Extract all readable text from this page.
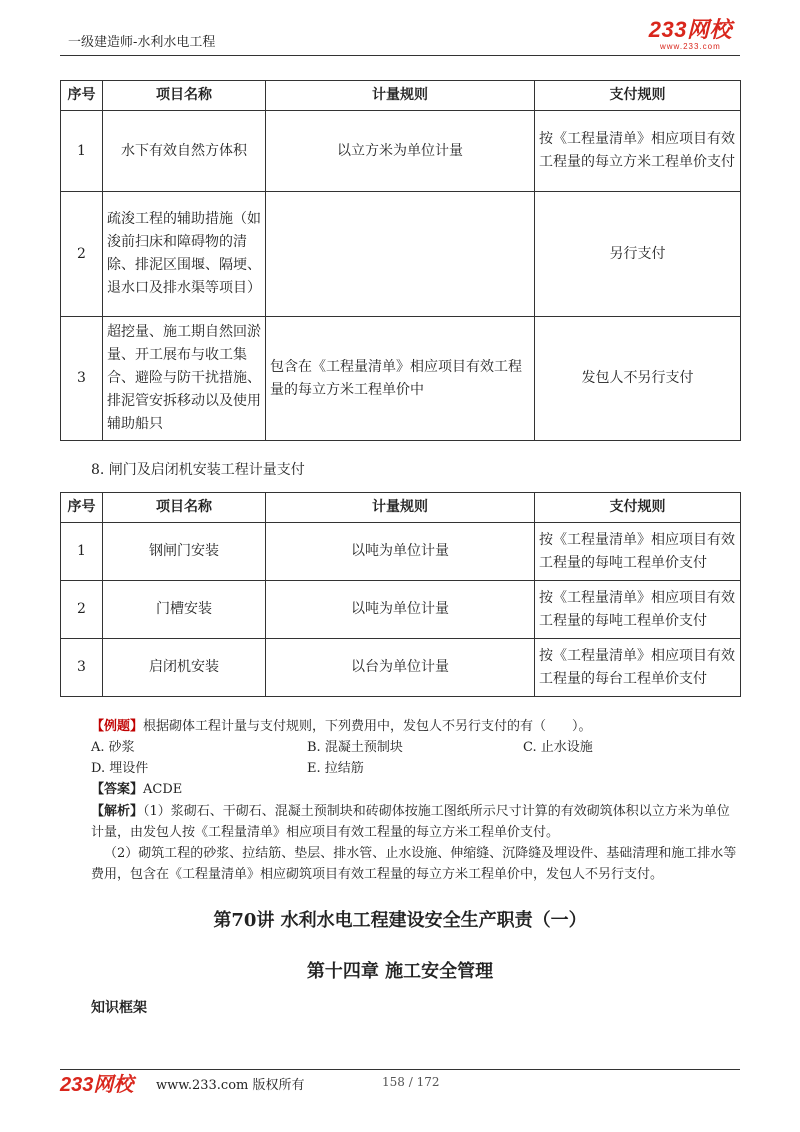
一级建造师-水利水电工程
233网校
www.233.com
序号	项目名称	计量规则	支付规则
1	水下有效自然方体积	以立方米为单位计量	按《工程量清单》相应项目有效工程量的每立方米工程单价支付
2	疏浚工程的辅助措施（如浚前扫床和障碍物的清除、排泥区围堰、隔埂、退水口及排水渠等项目）		另行支付
3	超挖量、施工期自然回淤量、开工展布与收工集合、避险与防干扰措施、排泥管安拆移动以及使用辅助船只	包含在《工程量清单》相应项目有效工程量的每立方米工程单价中	发包人不另行支付
8. 闸门及启闭机安装工程计量支付
序号	项目名称	计量规则	支付规则
1	钢闸门安装	以吨为单位计量	按《工程量清单》相应项目有效工程量的每吨工程单价支付
2	门槽安装	以吨为单位计量	按《工程量清单》相应项目有效工程量的每吨工程单价支付
3	启闭机安装	以台为单位计量	按《工程量清单》相应项目有效工程量的每台工程单价支付
【例题】根据砌体工程计量与支付规则，下列费用中，发包人不另行支付的有（　　）。
A. 砂浆	B. 混凝土预制块	C. 止水设施
D. 埋设件	E. 拉结筋
【答案】ACDE

【解析】（1）浆砌石、干砌石、混凝土预制块和砖砌体按施工图纸所示尺寸计算的有效砌筑体积以立方米为单位计量，由发包人按《工程量清单》相应项目有效工程量的每立方米工程单价支付。

（2）砌筑工程的砂浆、拉结筋、垫层、排水管、止水设施、伸缩缝、沉降缝及埋设件、基础清理和施工排水等费用，包含在《工程量清单》相应砌筑项目有效工程量的每立方米工程单价中，发包人不另行支付。

第70讲 水利水电工程建设安全生产职责（一）
第十四章 施工安全管理
知识框架
233网校 www.233.com 版权所有	158 / 172
